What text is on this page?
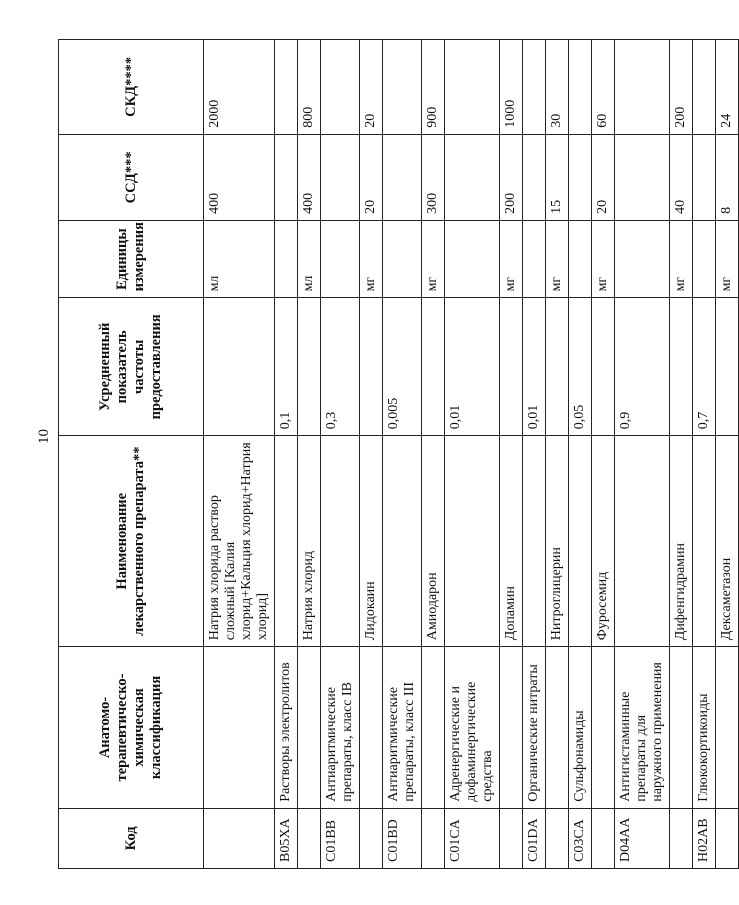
10
Код	Анатомо-терапевтическо-химическая классификация	Наименование лекарственного препарата**	Усредненный показатель частоты предоставления	Единицы измерения	ССД***	СКД****
		Натрия хлорида раствор сложный [Калия хлорид+Кальция хлорид+Натрия хлорид]		мл	400	2000
B05XA	Растворы электролитов		0,1			
		Натрия хлорид		мл	400	800
C01BB	Антиаритмические препараты, класс IB		0,3			
		Лидокаин		мг	20	20
C01BD	Антиаритмические препараты, класс III		0,005			
		Амиодарон		мг	300	900
C01CA	Адренергические и дофаминергические средства		0,01			
		Допамин		мг	200	1000
C01DA	Органические нитраты		0,01			
		Нитроглицерин		мг	15	30
C03CA	Сульфонамиды		0,05			
		Фуросемид		мг	20	60
D04AA	Антигистаминные препараты для наружного применения		0,9			
		Дифенгидрамин		мг	40	200
H02AB	Глюкокортикоиды		0,7			
		Дексаметазон		мг	8	24
